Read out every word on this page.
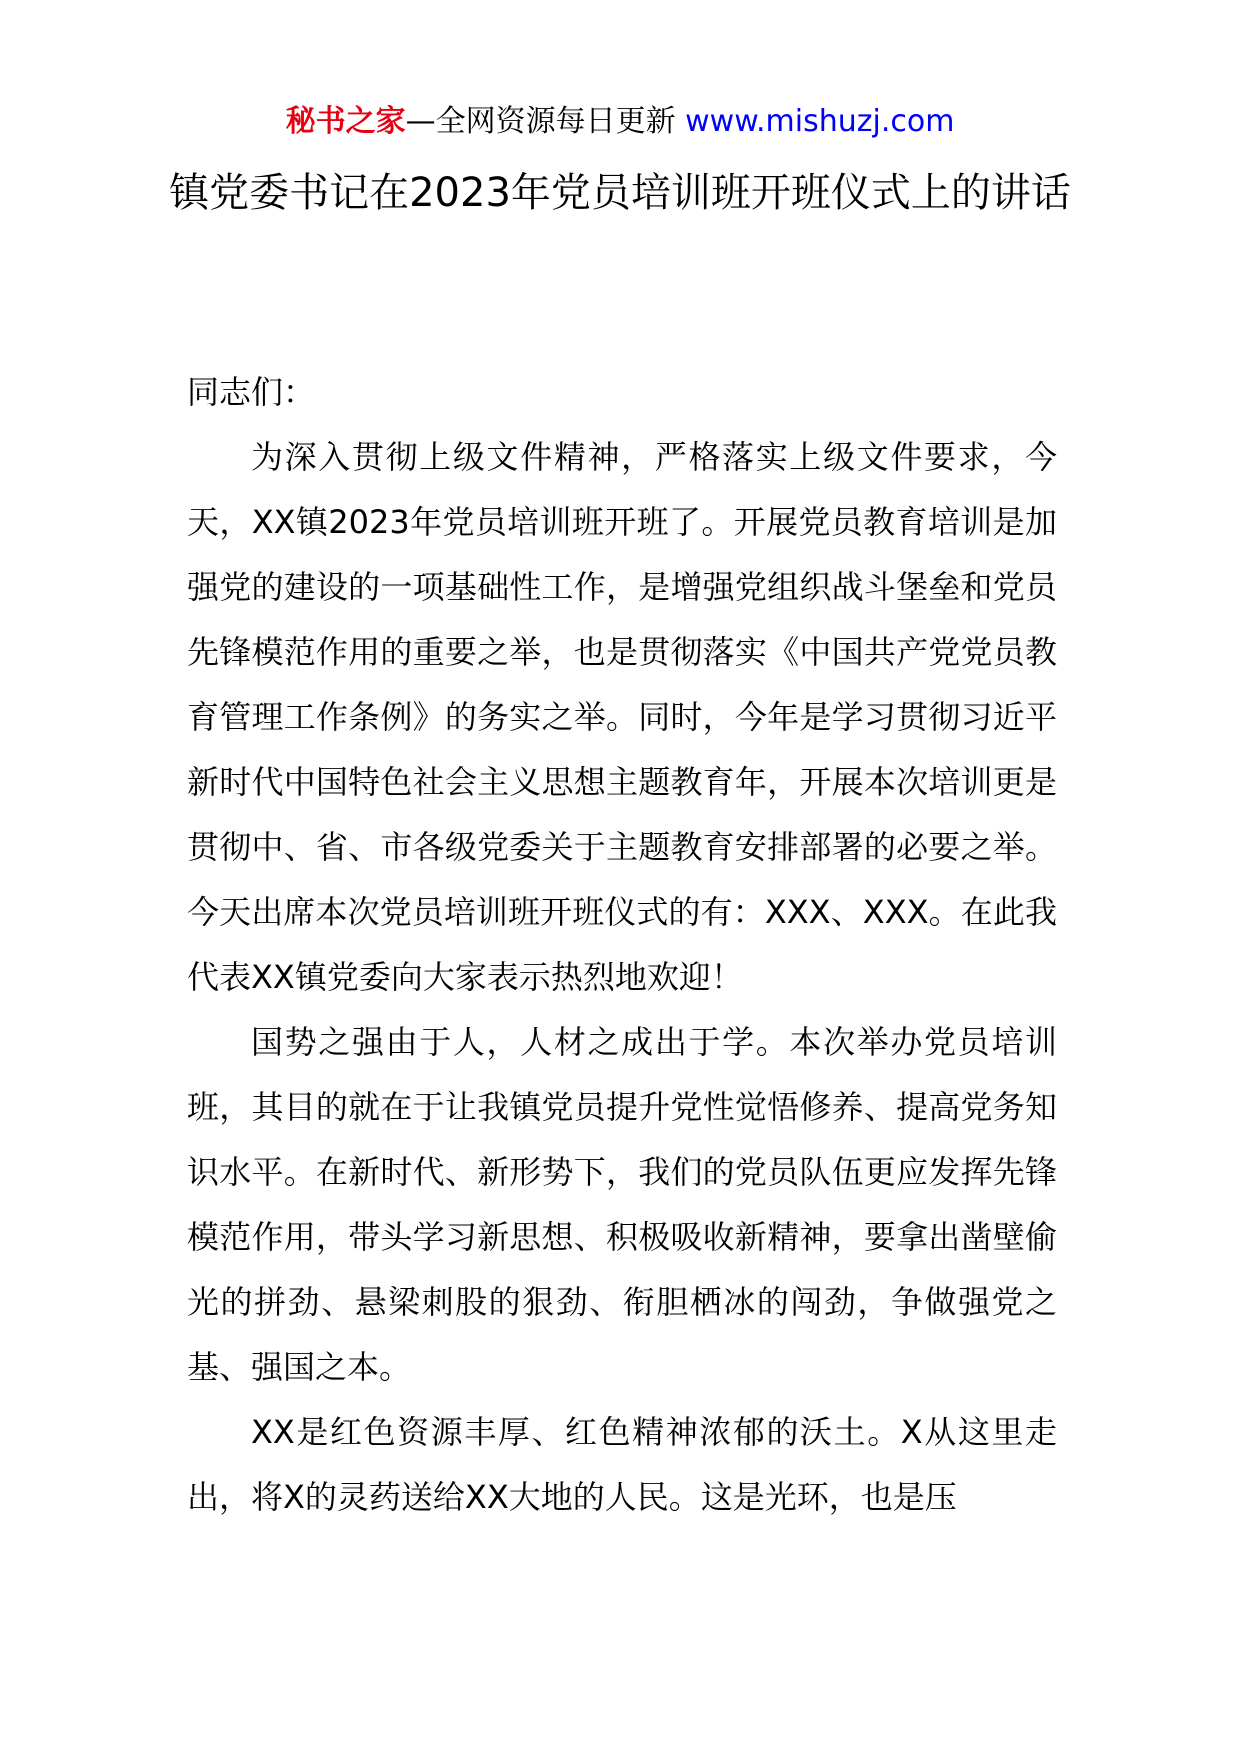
秘书之家—全网资源每日更新 www.mishuzj.com
镇党委书记在2023年党员培训班开班仪式上的讲话

同志们：

为深入贯彻上级文件精神，严格落实上级文件要求，今天，XX镇2023年党员培训班开班了。开展党员教育培训是加强党的建设的一项基础性工作，是增强党组织战斗堡垒和党员先锋模范作用的重要之举，也是贯彻落实《中国共产党党员教育管理工作条例》的务实之举。同时，今年是学习贯彻习近平新时代中国特色社会主义思想主题教育年，开展本次培训更是贯彻中、省、市各级党委关于主题教育安排部署的必要之举。今天出席本次党员培训班开班仪式的有：XXX、XXX。在此我代表XX镇党委向大家表示热烈地欢迎！

国势之强由于人，人材之成出于学。本次举办党员培训班，其目的就在于让我镇党员提升党性觉悟修养、提高党务知识水平。在新时代、新形势下，我们的党员队伍更应发挥先锋模范作用，带头学习新思想、积极吸收新精神，要拿出凿壁偷光的拼劲、悬梁刺股的狠劲、衔胆栖冰的闯劲，争做强党之基、强国之本。

XX是红色资源丰厚、红色精神浓郁的沃土。X从这里走出，将X的灵药送给XX大地的人民。这是光环，也是压
